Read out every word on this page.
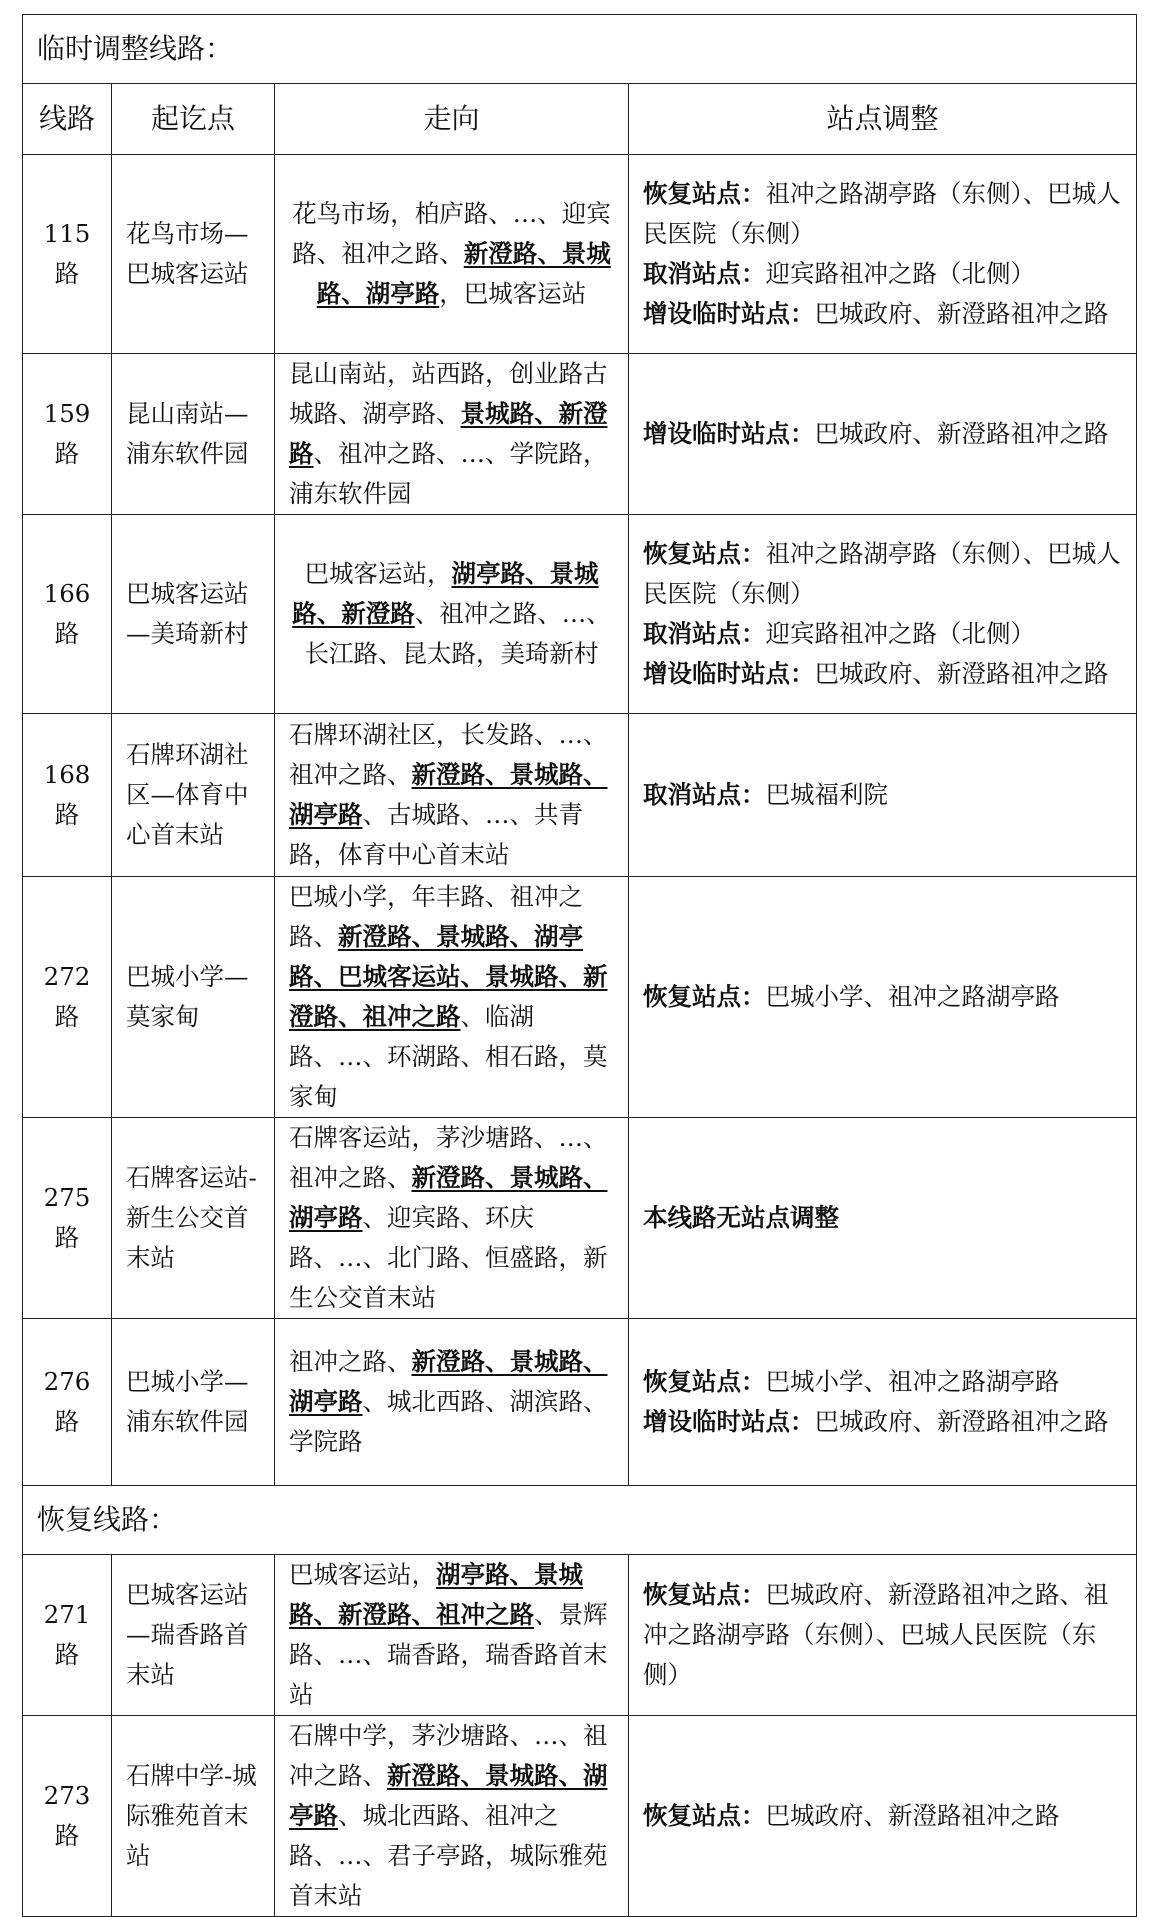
临时调整线路：			
线路	起讫点	走向	站点调整
115 路	花鸟市场—巴城客运站	花鸟市场，柏庐路、…、迎宾路、祖冲之路、新澄路、景城路、湖亭路，巴城客运站	恢复站点：祖冲之路湖亭路（东侧）、巴城人民医院（东侧）
取消站点：迎宾路祖冲之路（北侧）
增设临时站点：巴城政府、新澄路祖冲之路

159 路	昆山南站—浦东软件园	昆山南站，站西路，创业路古城路、湖亭路、景城路、新澄路、祖冲之路、…、学院路，浦东软件园	增设临时站点：巴城政府、新澄路祖冲之路

166 路	巴城客运站—美琦新村	巴城客运站，湖亭路、景城路、新澄路、祖冲之路、…、长江路、昆太路，美琦新村	恢复站点：祖冲之路湖亭路（东侧）、巴城人民医院（东侧）
取消站点：迎宾路祖冲之路（北侧）
增设临时站点：巴城政府、新澄路祖冲之路

168 路	石牌环湖社区—体育中心首末站	石牌环湖社区，长发路、…、祖冲之路、新澄路、景城路、湖亭路、古城路、…、共青路，体育中心首末站	取消站点：巴城福利院

272 路	巴城小学—莫家甸	巴城小学，年丰路、祖冲之路、新澄路、景城路、湖亭路、巴城客运站、景城路、新澄路、祖冲之路、临湖路、…、环湖路、相石路，莫家甸	恢复站点：巴城小学、祖冲之路湖亭路

275 路	石牌客运站-新生公交首末站	石牌客运站，茅沙塘路、…、祖冲之路、新澄路、景城路、湖亭路、迎宾路、环庆路、…、北门路、恒盛路，新生公交首末站	本线路无站点调整

276 路	巴城小学—浦东软件园	祖冲之路、新澄路、景城路、湖亭路、城北西路、湖滨路、学院路	恢复站点：巴城小学、祖冲之路湖亭路
增设临时站点：巴城政府、新澄路祖冲之路

恢复线路：			
271 路	巴城客运站—瑞香路首末站	巴城客运站，湖亭路、景城路、新澄路、祖冲之路、景辉路、…、瑞香路，瑞香路首末站	恢复站点：巴城政府、新澄路祖冲之路、祖冲之路湖亭路（东侧）、巴城人民医院（东侧）

273 路	石牌中学-城际雅苑首末站	石牌中学，茅沙塘路、…、祖冲之路、新澄路、景城路、湖亭路、城北西路、祖冲之路、…、君子亭路，城际雅苑首末站	恢复站点：巴城政府、新澄路祖冲之路
